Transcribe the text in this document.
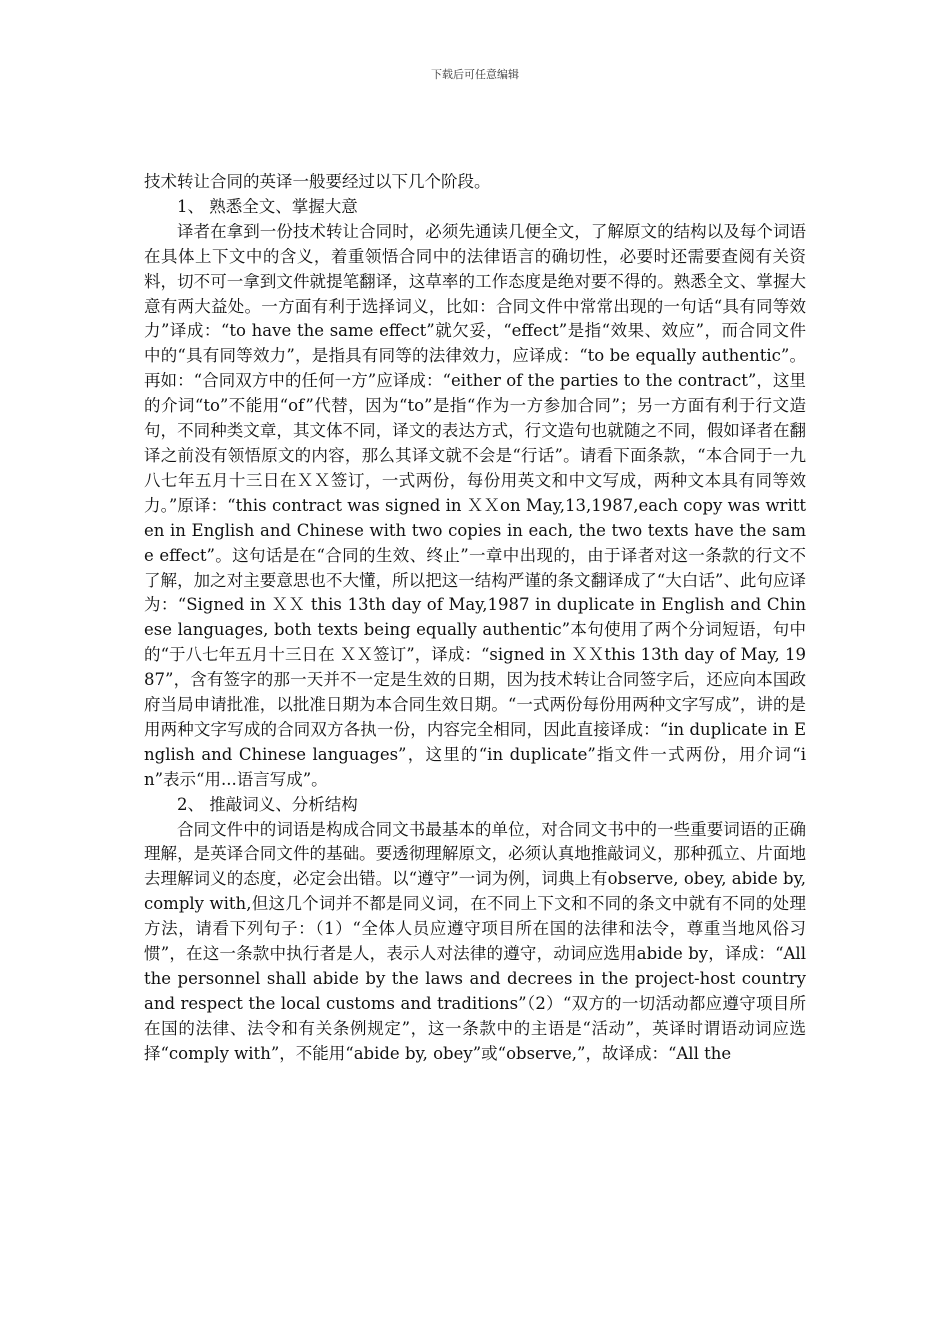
下载后可任意编辑

技术转让合同的英译一般要经过以下几个阶段。

1、 熟悉全文、掌握大意

译者在拿到一份技术转让合同时，必须先通读几便全文，了解原文的结构以及每个词语在具体上下文中的含义，着重领悟合同中的法律语言的确切性，必要时还需要查阅有关资料，切不可一拿到文件就提笔翻译，这草率的工作态度是绝对要不得的。熟悉全文、掌握大意有两大益处。一方面有利于选择词义，比如：合同文件中常常出现的一句话“具有同等效力”译成：“to have the same effect”就欠妥，“effect”是指“效果、效应”，而合同文件中的“具有同等效力”，是指具有同等的法律效力，应译成：“to be equally authentic”。再如：“合同双方中的任何一方”应译成：“either of the parties to the contract”，这里的介词“to”不能用“of”代替，因为“to”是指“作为一方参加合同”；另一方面有利于行文造句，不同种类文章，其文体不同，译文的表达方式，行文造句也就随之不同，假如译者在翻译之前没有领悟原文的内容，那么其译文就不会是“行话”。请看下面条款，“本合同于一九八七年五月十三日在ＸＸ签订，一式两份，每份用英文和中文写成，两种文本具有同等效力。”原译：“this contract was signed in ＸＸon May,13,1987,each copy was written in English and Chinese with two copies in each, the two texts have the same effect”。这句话是在“合同的生效、终止”一章中出现的，由于译者对这一条款的行文不了解，加之对主要意思也不大懂，所以把这一结构严谨的条文翻译成了“大白话”、此句应译为：“Signed in ＸＸ this 13th day of May,1987 in duplicate in English and Chinese languages, both texts being equally authentic”本句使用了两个分词短语，句中的“于八七年五月十三日在 ＸＸ签订”，译成：“signed in ＸＸthis 13th day of May, 1987”，含有签字的那一天并不一定是生效的日期，因为技术转让合同签字后，还应向本国政府当局申请批准，以批准日期为本合同生效日期。“一式两份每份用两种文字写成”，讲的是用两种文字写成的合同双方各执一份，内容完全相同，因此直接译成：“in duplicate in English and Chinese languages”，这里的“in duplicate”指文件一式两份，用介词“in”表示“用...语言写成”。

2、 推敲词义、分析结构

合同文件中的词语是构成合同文书最基本的单位，对合同文书中的一些重要词语的正确理解，是英译合同文件的基础。要透彻理解原文，必须认真地推敲词义，那种孤立、片面地去理解词义的态度，必定会出错。以“遵守”一词为例，词典上有observe, obey, abide by, comply with,但这几个词并不都是同义词，在不同上下文和不同的条文中就有不同的处理方法，请看下列句子：（1）“全体人员应遵守项目所在国的法律和法令，尊重当地风俗习惯”，在这一条款中执行者是人，表示人对法律的遵守，动词应选用abide by，译成：“All the personnel shall abide by the laws and decrees in the project-host country and respect the local customs and traditions”（2）“双方的一切活动都应遵守项目所在国的法律、法令和有关条例规定”，这一条款中的主语是“活动”，英译时谓语动词应选择“comply with”，不能用“abide by, obey”或“observe,”，故译成：“All the
